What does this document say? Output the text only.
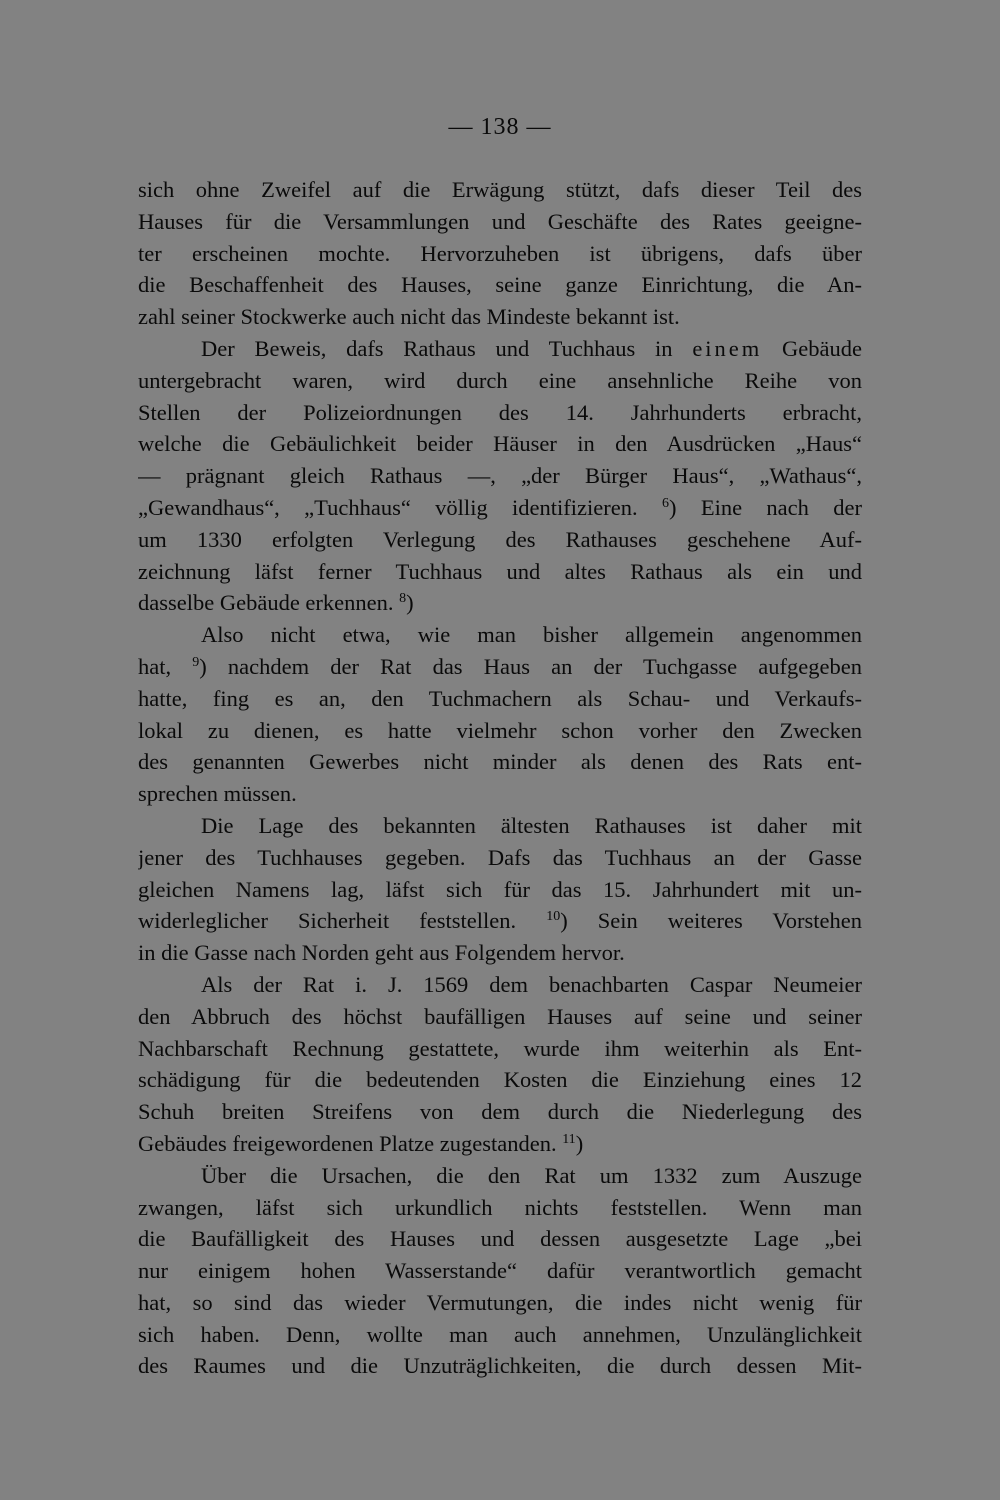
— 138 —
sich ohne Zweifel auf die Erwägung stützt, dafs dieser Teil des
Hauses für die Versammlungen und Geschäfte des Rates geeigne-
ter erscheinen mochte. Hervorzuheben ist übrigens, dafs über
die Beschaffenheit des Hauses, seine ganze Einrichtung, die An-
zahl seiner Stockwerke auch nicht das Mindeste bekannt ist.
Der Beweis, dafs Rathaus und Tuchhaus in einem Gebäude
untergebracht waren, wird durch eine ansehnliche Reihe von
Stellen der Polizeiordnungen des 14. Jahrhunderts erbracht,
welche die Gebäulichkeit beider Häuser in den Ausdrücken „Haus“
— prägnant gleich Rathaus —, „der Bürger Haus“, „Wathaus“,
„Gewandhaus“, „Tuchhaus“ völlig identifizieren. $^6$) Eine nach der
um 1330 erfolgten Verlegung des Rathauses geschehene Auf-
zeichnung läfst ferner Tuchhaus und altes Rathaus als ein und
dasselbe Gebäude erkennen. $^8$)
Also nicht etwa, wie man bisher allgemein angenommen
hat, $^9$) nachdem der Rat das Haus an der Tuchgasse aufgegeben
hatte, fing es an, den Tuchmachern als Schau- und Verkaufs-
lokal zu dienen, es hatte vielmehr schon vorher den Zwecken
des genannten Gewerbes nicht minder als denen des Rats ent-
sprechen müssen.
Die Lage des bekannten ältesten Rathauses ist daher mit
jener des Tuchhauses gegeben. Dafs das Tuchhaus an der Gasse
gleichen Namens lag, läfst sich für das 15. Jahrhundert mit un-
widerleglicher Sicherheit feststellen. $^{10}$) Sein weiteres Vorstehen
in die Gasse nach Norden geht aus Folgendem hervor.
Als der Rat i. J. 1569 dem benachbarten Caspar Neumeier
den Abbruch des höchst baufälligen Hauses auf seine und seiner
Nachbarschaft Rechnung gestattete, wurde ihm weiterhin als Ent-
schädigung für die bedeutenden Kosten die Einziehung eines 12
Schuh breiten Streifens von dem durch die Niederlegung des
Gebäudes freigewordenen Platze zugestanden. $^{11}$)
Über die Ursachen, die den Rat um 1332 zum Auszuge
zwangen, läfst sich urkundlich nichts feststellen. Wenn man
die Baufälligkeit des Hauses und dessen ausgesetzte Lage „bei
nur einigem hohen Wasserstande“ dafür verantwortlich gemacht
hat, so sind das wieder Vermutungen, die indes nicht wenig für
sich haben. Denn, wollte man auch annehmen, Unzulänglichkeit
des Raumes und die Unzuträglichkeiten, die durch dessen Mit-
